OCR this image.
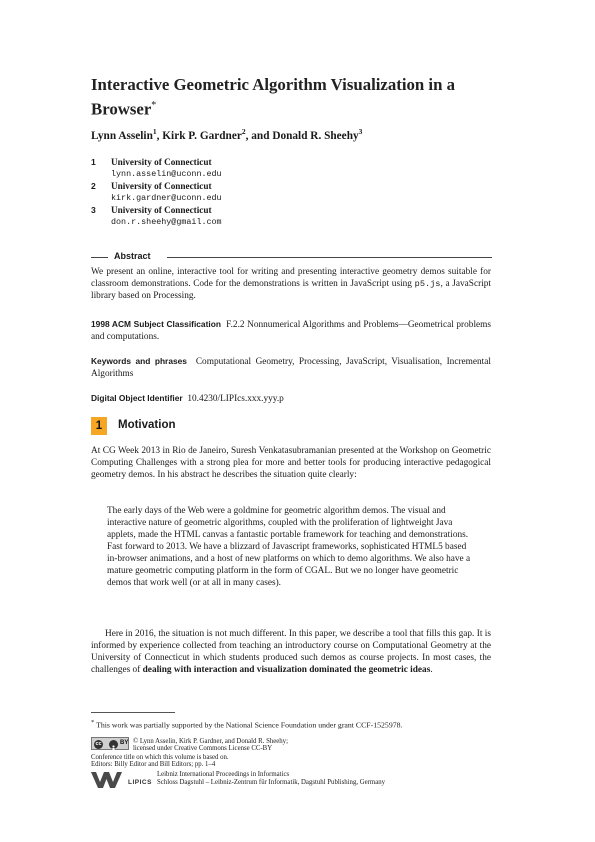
Interactive Geometric Algorithm Visualization in a Browser*
Lynn Asselin$^1$, Kirk P. Gardner$^2$, and Donald R. Sheehy$^3$
1 University of Connecticut
lynn.asselin@uconn.edu
2 University of Connecticut
kirk.gardner@uconn.edu
3 University of Connecticut
don.r.sheehy@gmail.com
Abstract
We present an online, interactive tool for writing and presenting interactive geometry demos suitable for classroom demonstrations. Code for the demonstrations is written in JavaScript using p5.js, a JavaScript library based on Processing.
1998 ACM Subject Classification F.2.2 Nonnumerical Algorithms and Problems—Geometrical problems and computations.
Keywords and phrases Computational Geometry, Processing, JavaScript, Visualisation, Incremental Algorithms
Digital Object Identifier 10.4230/LIPIcs.xxx.yyy.p
1	Motivation
At CG Week 2013 in Rio de Janeiro, Suresh Venkatasubramanian presented at the Workshop on Geometric Computing Challenges with a strong plea for more and better tools for producing interactive pedagogical geometry demos. In his abstract he describes the situation quite clearly:
The early days of the Web were a goldmine for geometric algorithm demos. The visual and interactive nature of geometric algorithms, coupled with the proliferation of lightweight Java applets, made the HTML canvas a fantastic portable framework for teaching and demonstrations.
Fast forward to 2013. We have a blizzard of Javascript frameworks, sophisticated HTML5 based in-browser animations, and a host of new platforms on which to demo algorithms. We also have a mature geometric computing platform in the form of CGAL. But we no longer have geometric demos that work well (or at all in many cases).
Here in 2016, the situation is not much different. In this paper, we describe a tool that fills this gap. It is informed by experience collected from teaching an introductory course on Computational Geometry at the University of Connecticut in which students produced such demos as course projects. In most cases, the challenges of dealing with interaction and visualization dominated the geometric ideas.
* This work was partially supported by the National Science Foundation under grant CCF-1525978.
cc	BY © Lynn Asselin, Kirk P. Gardner, and Donald R. Sheehy;
licensed under Creative Commons License CC-BY
Conference title on which this volume is based on.
Editors: Billy Editor and Bill Editors; pp. 1–4
LIPICS
Leibniz International Proceedings in Informatics
Schloss Dagstuhl – Leibniz-Zentrum für Informatik, Dagstuhl Publishing, Germany
